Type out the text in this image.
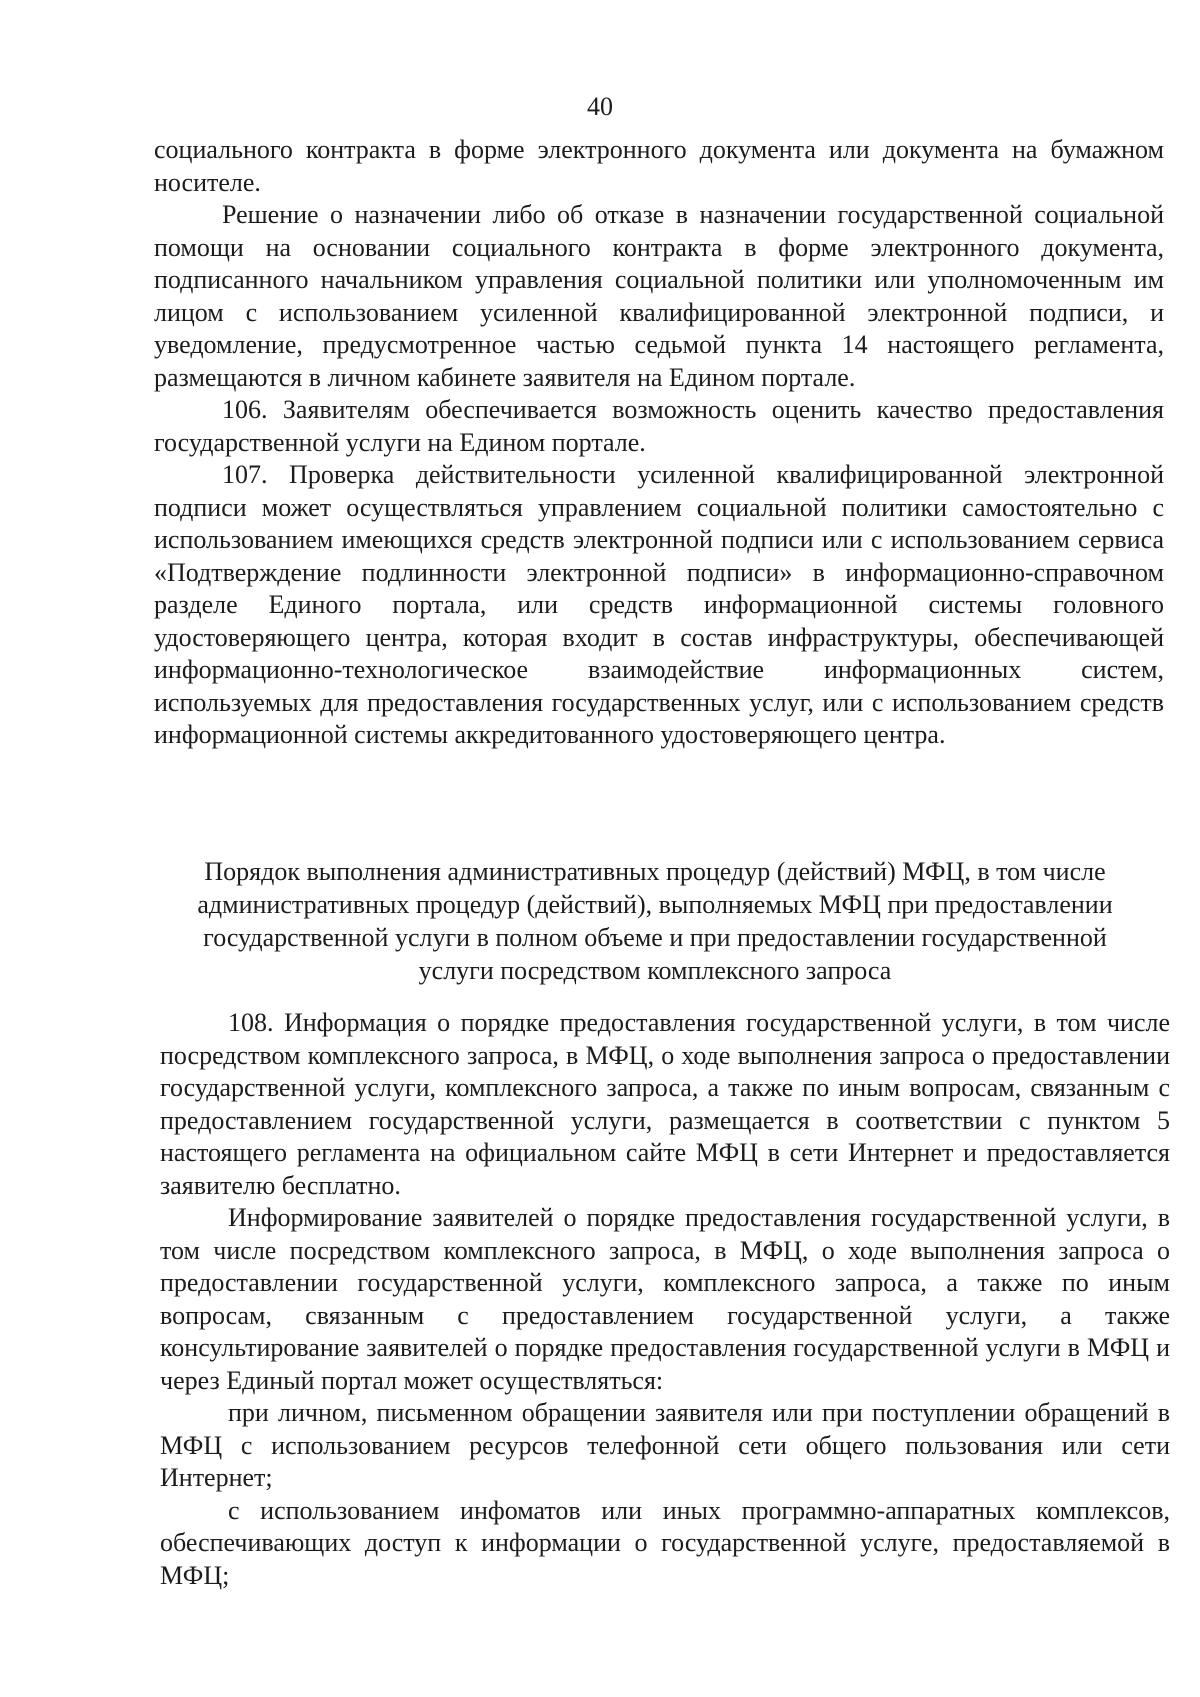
40

социального контракта в форме электронного документа или документа на бумажном носителе.

Решение о назначении либо об отказе в назначении государственной социальной помощи на основании социального контракта в форме электронного документа, подписанного начальником управления социальной политики или уполномоченным им лицом с использованием усиленной квалифицированной электронной подписи, и уведомление, предусмотренное частью седьмой пункта 14 настоящего регламента, размещаются в личном кабинете заявителя на Едином портале.

106. Заявителям обеспечивается возможность оценить качество предоставления государственной услуги на Едином портале.

107. Проверка действительности усиленной квалифицированной электронной подписи может осуществляться управлением социальной политики самостоятельно с использованием имеющихся средств электронной подписи или с использованием сервиса «Подтверждение подлинности электронной подписи» в информационно-справочном разделе Единого портала, или средств информационной системы головного удостоверяющего центра, которая входит в состав инфраструктуры, обеспечивающей информационно-технологическое взаимодействие информационных систем, используемых для предоставления государственных услуг, или с использованием средств информационной системы аккредитованного удостоверяющего центра.

Порядок выполнения административных процедур (действий) МФЦ, в том числе
административных процедур (действий), выполняемых МФЦ при предоставлении
государственной услуги в полном объеме и при предоставлении государственной
услуги посредством комплексного запроса

108. Информация о порядке предоставления государственной услуги, в том числе посредством комплексного запроса, в МФЦ, о ходе выполнения запроса о предоставлении государственной услуги, комплексного запроса, а также по иным вопросам, связанным с предоставлением государственной услуги, размещается в соответствии с пунктом 5 настоящего регламента на официальном сайте МФЦ в сети Интернет и предоставляется заявителю бесплатно.

Информирование заявителей о порядке предоставления государственной услуги, в том числе посредством комплексного запроса, в МФЦ, о ходе выполнения запроса о предоставлении государственной услуги, комплексного запроса, а также по иным вопросам, связанным с предоставлением государственной услуги, а также консультирование заявителей о порядке предоставления государственной услуги в МФЦ и через Единый портал может осуществляться:

при личном, письменном обращении заявителя или при поступлении обращений в МФЦ с использованием ресурсов телефонной сети общего пользования или сети Интернет;

с использованием инфоматов или иных программно-аппаратных комплексов, обеспечивающих доступ к информации о государственной услуге, предоставляемой в МФЦ;
